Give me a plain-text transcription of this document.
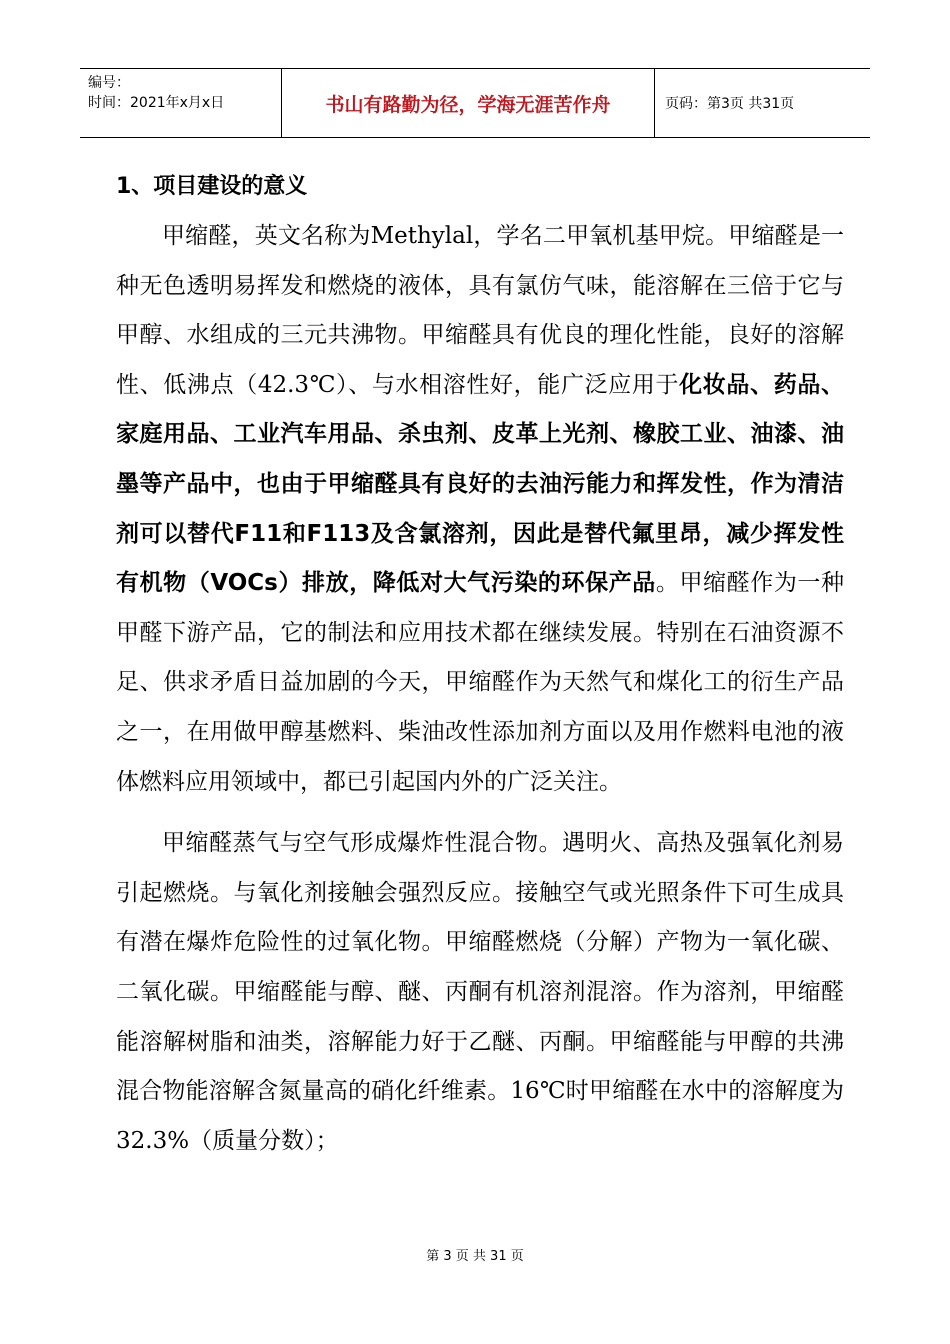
编号：
时间：2021年x月x日	书山有路勤为径，学海无涯苦作舟	页码：第3页 共31页
1、项目建设的意义

甲缩醛，英文名称为Methylal，学名二甲氧机基甲烷。甲缩醛是一种无色透明易挥发和燃烧的液体，具有氯仿气味，能溶解在三倍于它与甲醇、水组成的三元共沸物。甲缩醛具有优良的理化性能，良好的溶解性、低沸点（42.3℃）、与水相溶性好，能广泛应用于化妆品、药品、家庭用品、工业汽车用品、杀虫剂、皮革上光剂、橡胶工业、油漆、油墨等产品中，也由于甲缩醛具有良好的去油污能力和挥发性，作为清洁剂可以替代F11和F113及含氯溶剂，因此是替代氟里昂，减少挥发性有机物（VOCs）排放，降低对大气污染的环保产品。甲缩醛作为一种甲醛下游产品，它的制法和应用技术都在继续发展。特别在石油资源不足、供求矛盾日益加剧的今天，甲缩醛作为天然气和煤化工的衍生产品之一，在用做甲醇基燃料、柴油改性添加剂方面以及用作燃料电池的液体燃料应用领域中，都已引起国内外的广泛关注。

甲缩醛蒸气与空气形成爆炸性混合物。遇明火、高热及强氧化剂易引起燃烧。与氧化剂接触会强烈反应。接触空气或光照条件下可生成具有潜在爆炸危险性的过氧化物。甲缩醛燃烧（分解）产物为一氧化碳、二氧化碳。甲缩醛能与醇、醚、丙酮有机溶剂混溶。作为溶剂，甲缩醛能溶解树脂和油类，溶解能力好于乙醚、丙酮。甲缩醛能与甲醇的共沸混合物能溶解含氮量高的硝化纤维素。16℃时甲缩醛在水中的溶解度为32.3%（质量分数）；

第 3 页 共 31 页
